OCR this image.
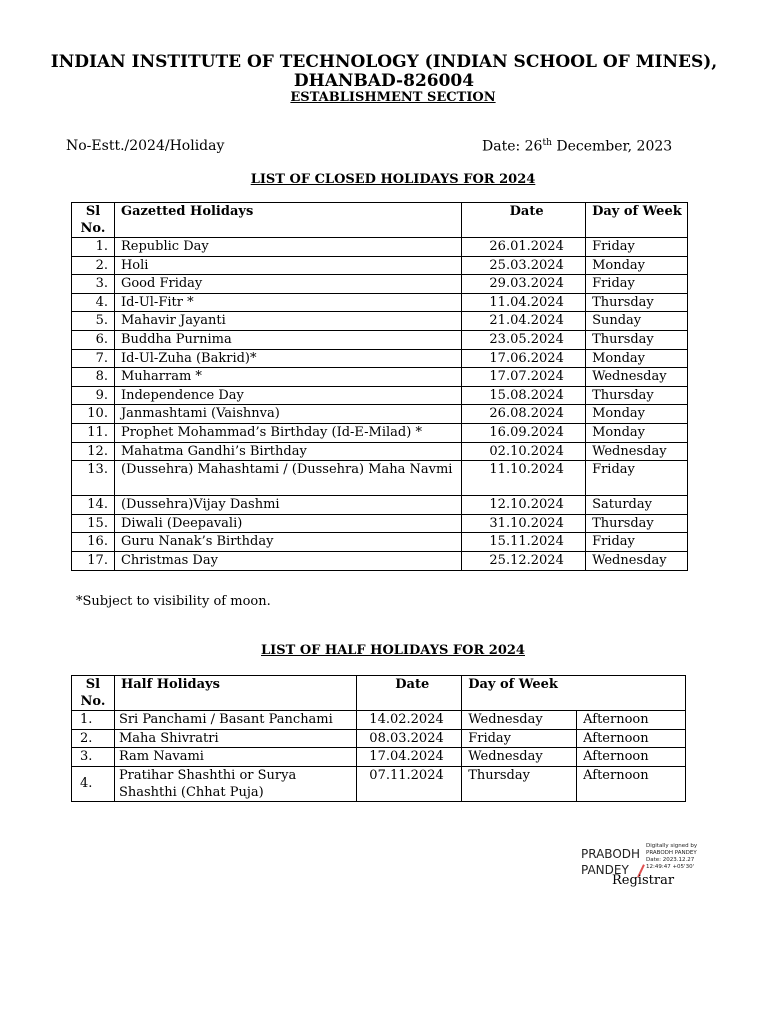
INDIAN INSTITUTE OF TECHNOLOGY (INDIAN SCHOOL OF MINES),
DHANBAD-826004
ESTABLISHMENT SECTION
No-Estt./2024/Holiday	Date: 26th December, 2023
LIST OF CLOSED HOLIDAYS FOR 2024
Sl No.	Gazetted Holidays	Date	Day of Week
1.	Republic Day	26.01.2024	Friday
2.	Holi	25.03.2024	Monday
3.	Good Friday	29.03.2024	Friday
4.	Id-Ul-Fitr *	11.04.2024	Thursday
5.	Mahavir Jayanti	21.04.2024	Sunday
6.	Buddha Purnima	23.05.2024	Thursday
7.	Id-Ul-Zuha (Bakrid)*	17.06.2024	Monday
8.	Muharram *	17.07.2024	Wednesday
9.	Independence Day	15.08.2024	Thursday
10.	Janmashtami (Vaishnva)	26.08.2024	Monday
11.	Prophet Mohammad’s Birthday (Id-E-Milad) *	16.09.2024	Monday
12.	Mahatma Gandhi’s Birthday	02.10.2024	Wednesday
13.	(Dussehra) Mahashtami / (Dussehra) Maha Navmi	11.10.2024	Friday
14.	(Dussehra)Vijay Dashmi	12.10.2024	Saturday
15.	Diwali (Deepavali)	31.10.2024	Thursday
16.	Guru Nanak’s Birthday	15.11.2024	Friday
17.	Christmas Day	25.12.2024	Wednesday
*Subject to visibility of moon.
LIST OF HALF HOLIDAYS FOR 2024
Sl No.	Half Holidays	Date	Day of Week	
1.	Sri Panchami / Basant Panchami	14.02.2024	Wednesday	Afternoon
2.	Maha Shivratri	08.03.2024	Friday	Afternoon
3.	Ram Navami	17.04.2024	Wednesday	Afternoon
4.	Pratihar Shashthi or Surya Shashthi (Chhat Puja)	07.11.2024	Thursday	Afternoon
PRABODH
PANDEY
Digitally signed by
PRABODH PANDEY
Date: 2023.12.27
12:49:47 +05'30'
Registrar
